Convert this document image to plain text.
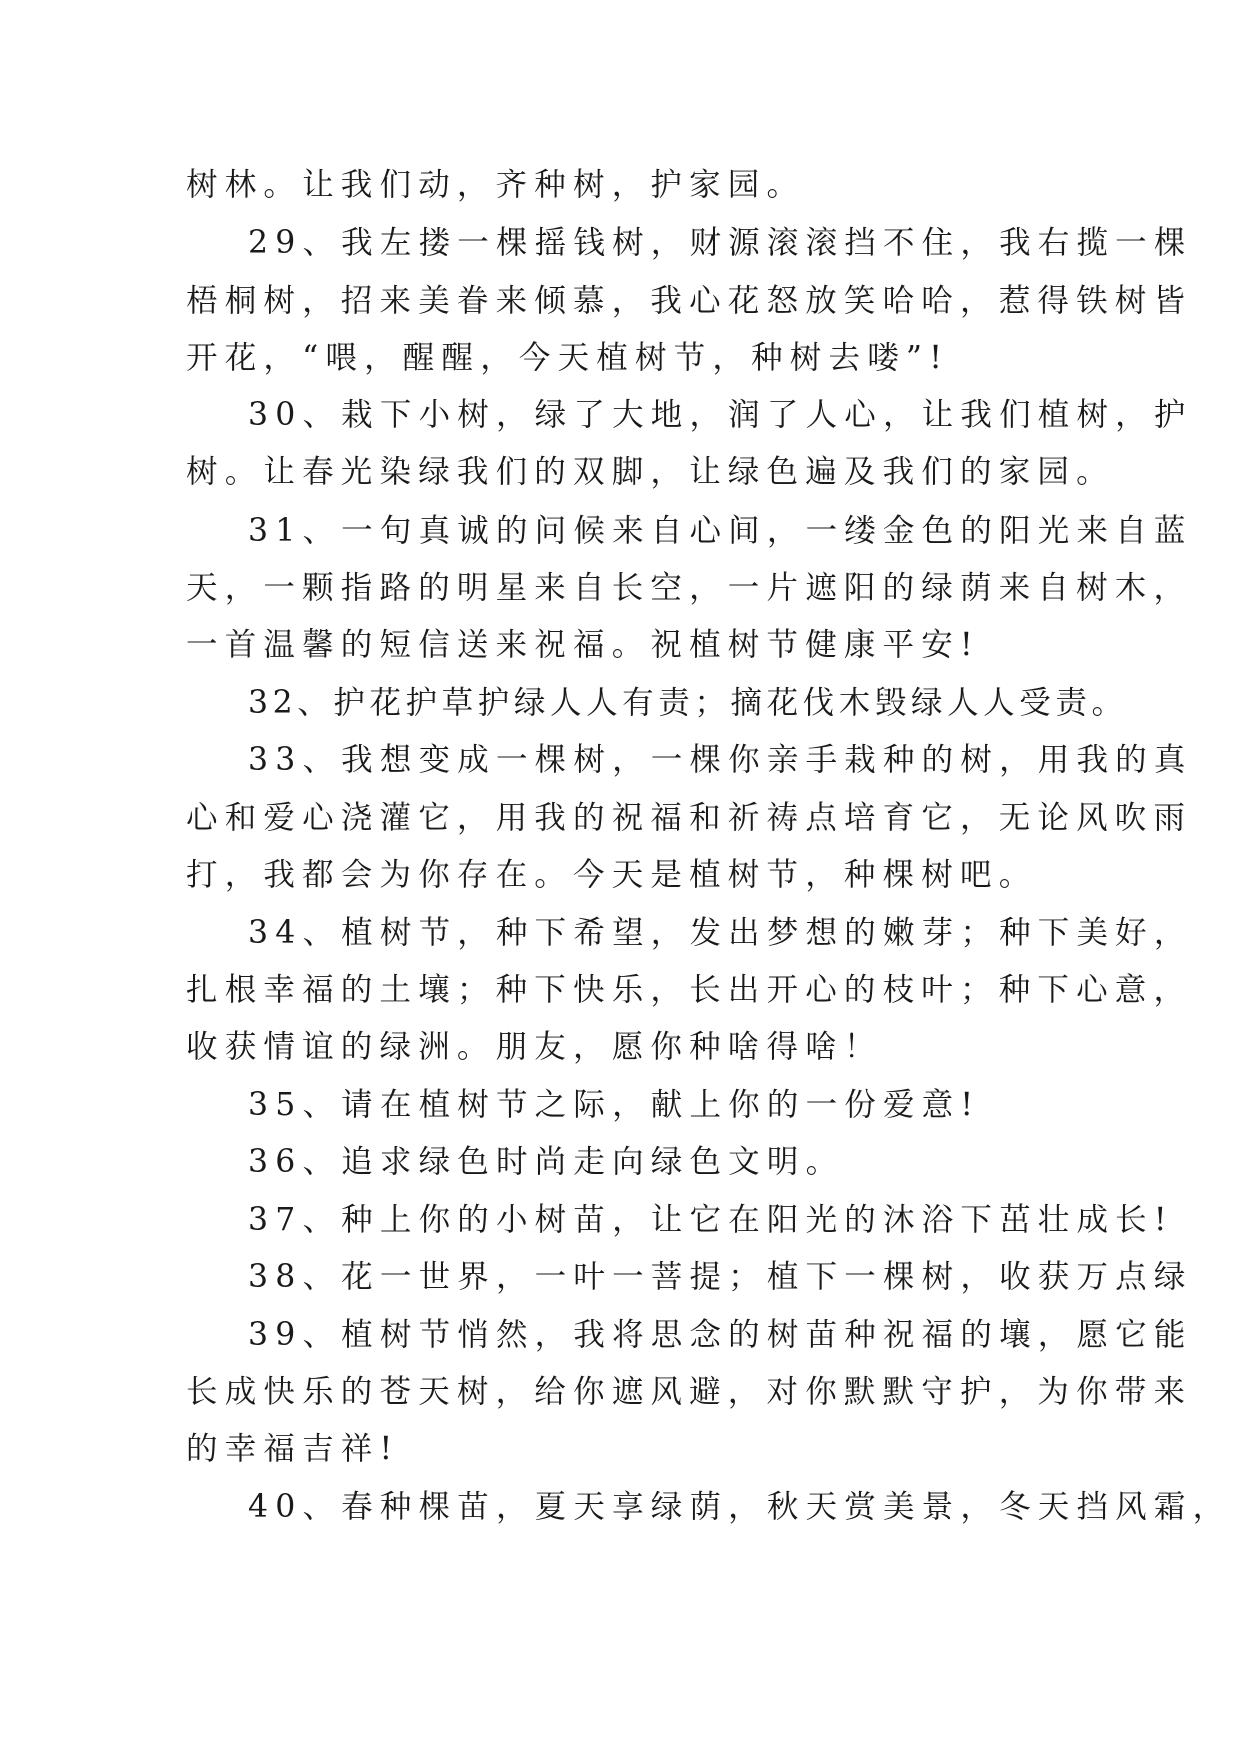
树林。让我们动，齐种树，护家园。
29、我左搂一棵摇钱树，财源滚滚挡不住，我右揽一棵
梧桐树，招来美眷来倾慕，我心花怒放笑哈哈，惹得铁树皆
开花，“喂，醒醒，今天植树节，种树去喽”!
30、栽下小树，绿了大地，润了人心，让我们植树，护
树。让春光染绿我们的双脚，让绿色遍及我们的家园。
31、一句真诚的问候来自心间，一缕金色的阳光来自蓝
天，一颗指路的明星来自长空，一片遮阳的绿荫来自树木，
一首温馨的短信送来祝福。祝植树节健康平安!
32、护花护草护绿人人有责；摘花伐木毁绿人人受责。
33、我想变成一棵树，一棵你亲手栽种的树，用我的真
心和爱心浇灌它，用我的祝福和祈祷点培育它，无论风吹雨
打，我都会为你存在。今天是植树节，种棵树吧。
34、植树节，种下希望，发出梦想的嫩芽；种下美好，
扎根幸福的土壤；种下快乐，长出开心的枝叶；种下心意，
收获情谊的绿洲。朋友，愿你种啥得啥！
35、请在植树节之际，献上你的一份爱意!
36、追求绿色时尚走向绿色文明。
37、种上你的小树苗，让它在阳光的沐浴下茁壮成长!
38、花一世界，一叶一菩提；植下一棵树，收获万点绿
39、植树节悄然，我将思念的树苗种祝福的壤，愿它能
长成快乐的苍天树，给你遮风避，对你默默守护，为你带来
的幸福吉祥!
40、春种棵苗，夏天享绿荫，秋天赏美景，冬天挡风霜，
